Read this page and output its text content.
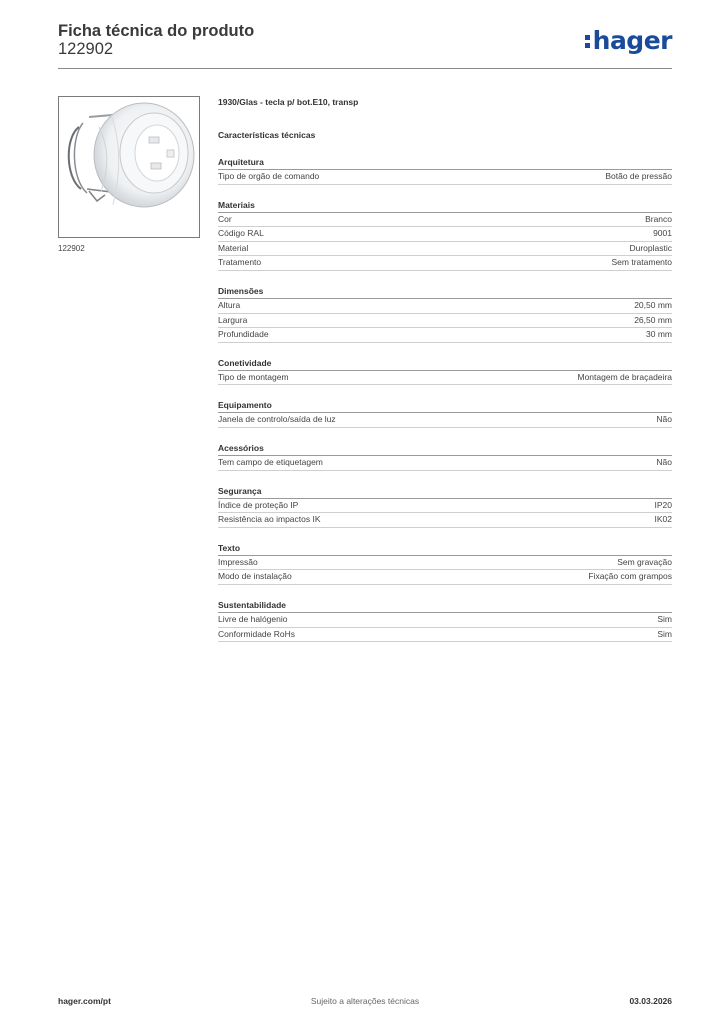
Ficha técnica do produto
122902	hager
122902
1930/Glas - tecla p/ bot.E10, transp
Características técnicas
Arquitetura
Tipo de orgão de comando	Botão de pressão
Materiais
Cor	Branco
Código RAL	9001
Material	Duroplastic
Tratamento	Sem tratamento
Dimensões
Altura	20,50 mm
Largura	26,50 mm
Profundidade	30 mm
Conetividade
Tipo de montagem	Montagem de braçadeira
Equipamento
Janela de controlo/saída de luz	Não
Acessórios
Tem campo de etiquetagem	Não
Segurança
Índice de proteção IP	IP20
Resistência ao impactos IK	IK02
Texto
Impressão	Sem gravação
Modo de instalação	Fixação com grampos
Sustentabilidade
Livre de halógenio	Sim
Conformidade RoHs	Sim
hager.com/pt	Sujeito a alterações técnicas	03.03.2026
